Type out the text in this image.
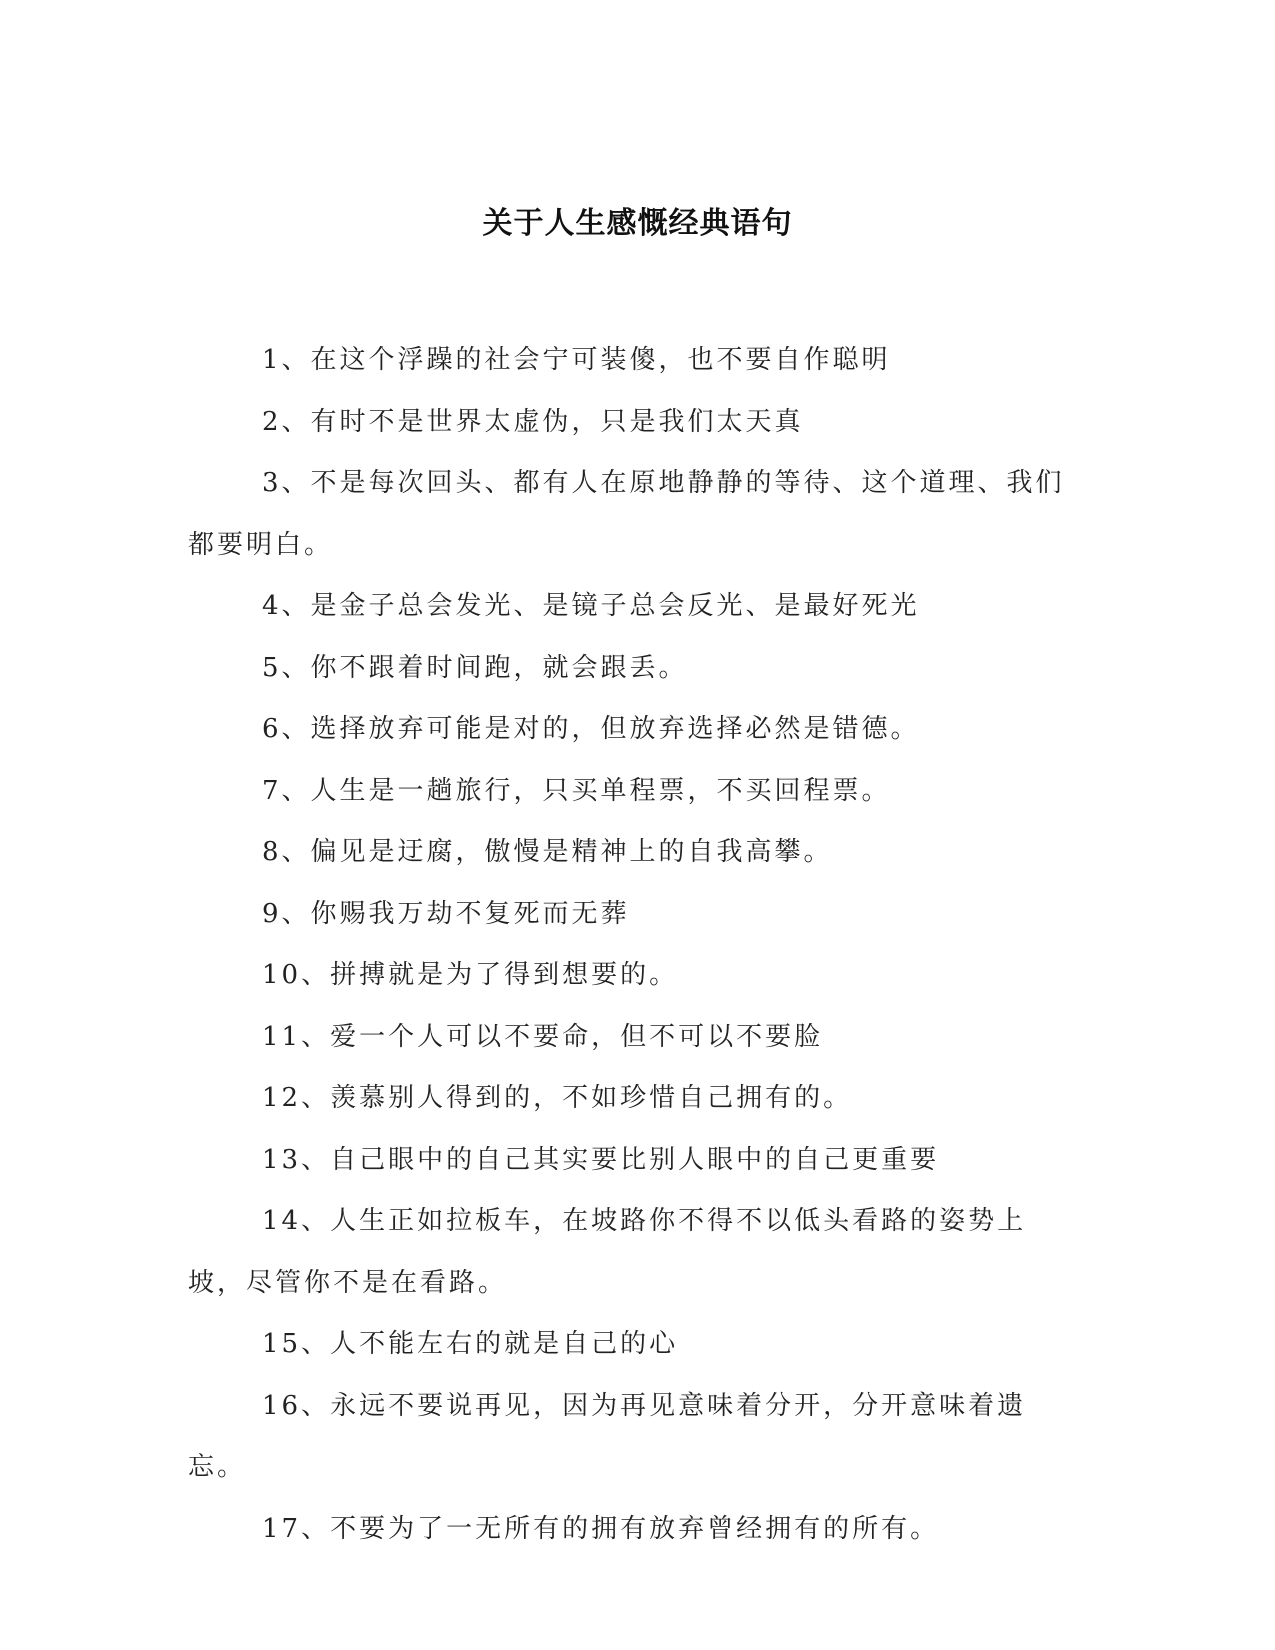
关于人生感慨经典语句

1、在这个浮躁的社会宁可装傻，也不要自作聪明

2、有时不是世界太虚伪，只是我们太天真

3、不是每次回头、都有人在原地静静的等待、这个道理、我们都要明白。

4、是金子总会发光、是镜子总会反光、是最好死光

5、你不跟着时间跑，就会跟丢。

6、选择放弃可能是对的，但放弃选择必然是错德。

7、人生是一趟旅行，只买单程票，不买回程票。

8、偏见是迂腐，傲慢是精神上的自我高攀。

9、你赐我万劫不复死而无葬

10、拼搏就是为了得到想要的。

11、爱一个人可以不要命，但不可以不要脸

12、羡慕别人得到的，不如珍惜自己拥有的。

13、自己眼中的自己其实要比别人眼中的自己更重要

14、人生正如拉板车，在坡路你不得不以低头看路的姿势上坡，尽管你不是在看路。

15、人不能左右的就是自己的心

16、永远不要说再见，因为再见意味着分开，分开意味着遗忘。

17、不要为了一无所有的拥有放弃曾经拥有的所有。
